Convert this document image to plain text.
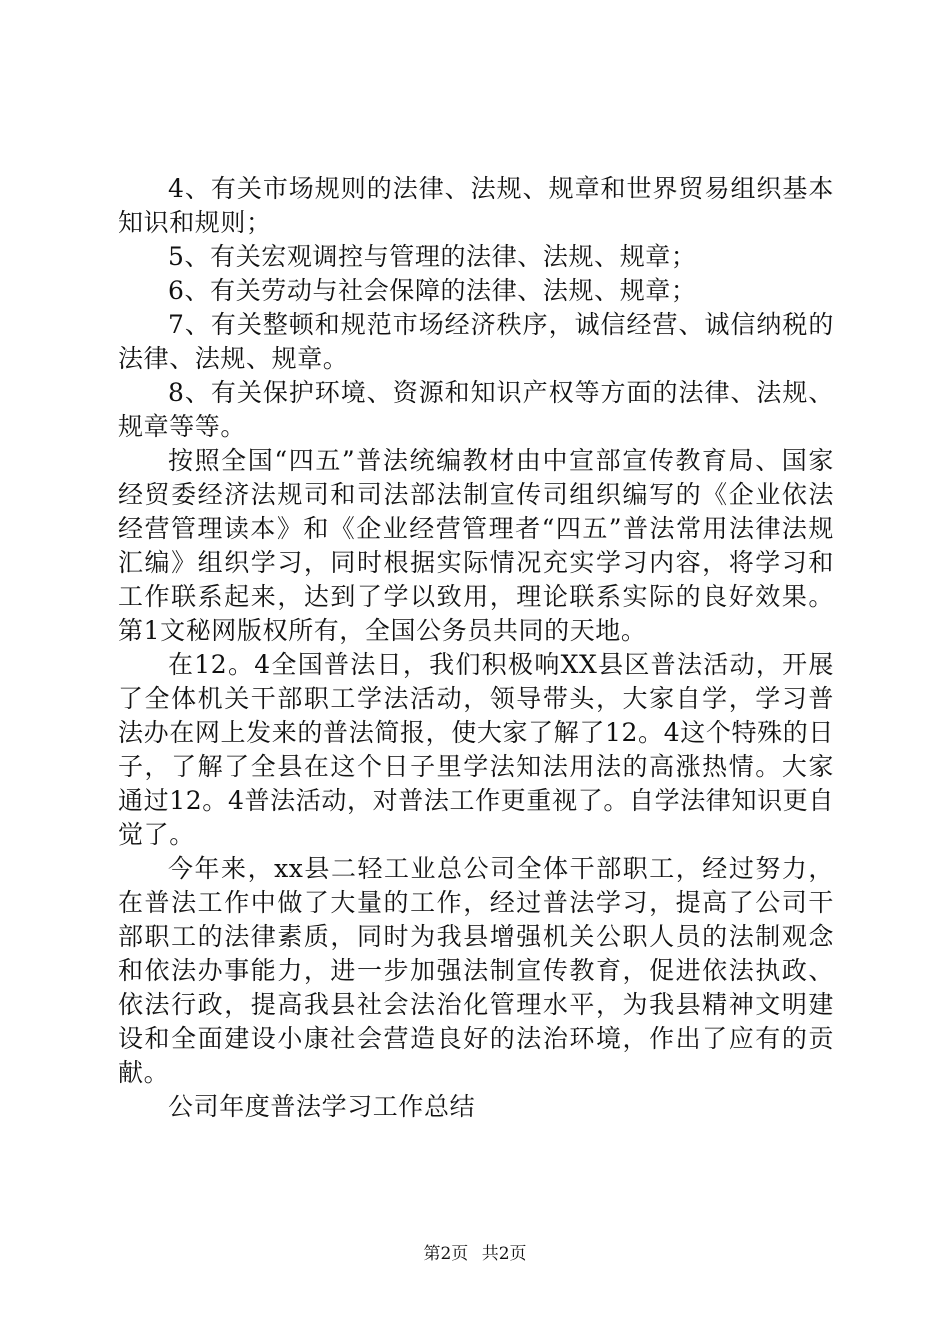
4、有关市场规则的法律、法规、规章和世界贸易组织基本知识和规则；

5、有关宏观调控与管理的法律、法规、规章；

6、有关劳动与社会保障的法律、法规、规章；

7、有关整顿和规范市场经济秩序，诚信经营、诚信纳税的法律、法规、规章。

8、有关保护环境、资源和知识产权等方面的法律、法规、规章等等。

按照全国“四五”普法统编教材由中宣部宣传教育局、国家经贸委经济法规司和司法部法制宣传司组织编写的《企业依法经营管理读本》和《企业经营管理者“四五”普法常用法律法规汇编》组织学习，同时根据实际情况充实学习内容，将学习和工作联系起来，达到了学以致用，理论联系实际的良好效果。第1文秘网版权所有，全国公务员共同的天地。

在12。4全国普法日，我们积极响XX县区普法活动，开展了全体机关干部职工学法活动，领导带头，大家自学，学习普法办在网上发来的普法简报，使大家了解了12。4这个特殊的日子，了解了全县在这个日子里学法知法用法的高涨热情。大家通过12。4普法活动，对普法工作更重视了。自学法律知识更自觉了。

今年来，xx县二轻工业总公司全体干部职工，经过努力，在普法工作中做了大量的工作，经过普法学习，提高了公司干部职工的法律素质，同时为我县增强机关公职人员的法制观念和依法办事能力，进一步加强法制宣传教育，促进依法执政、依法行政，提高我县社会法治化管理水平，为我县精神文明建设和全面建设小康社会营造良好的法治环境，作出了应有的贡献。

公司年度普法学习工作总结

第2页 共2页
